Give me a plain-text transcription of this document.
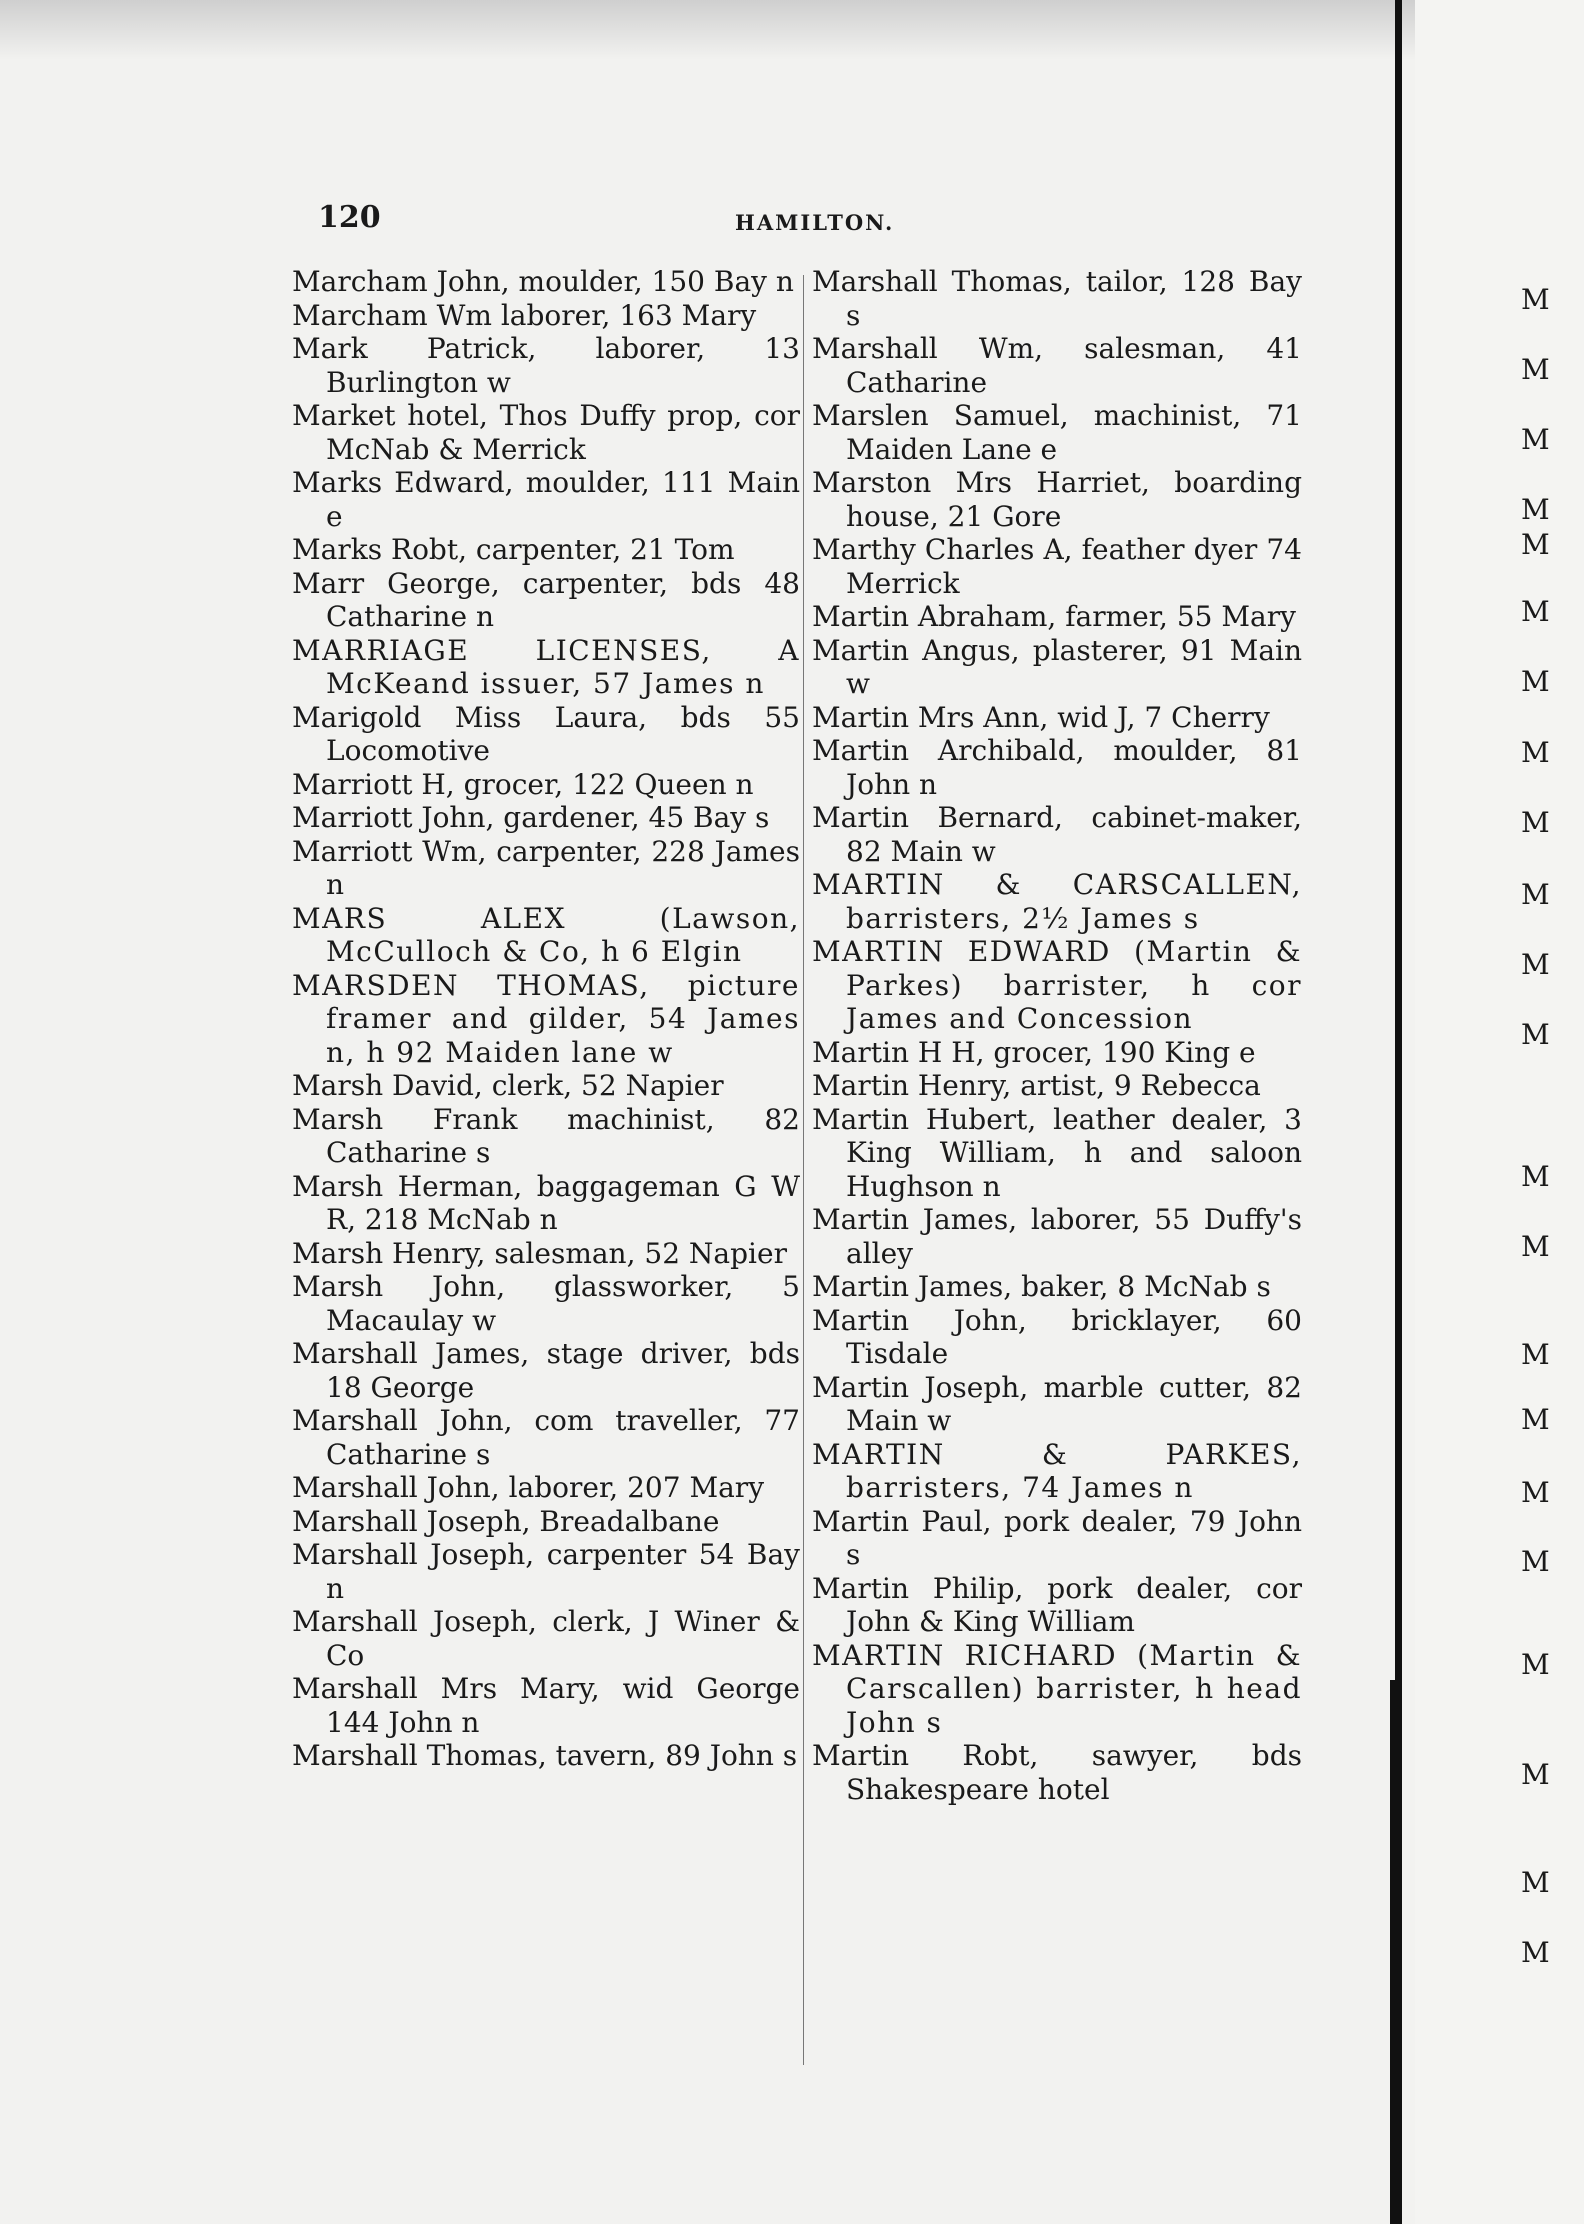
120	HAMILTON.
Marcham John, moulder, 150 Bay n
Marcham Wm laborer, 163 Mary
Mark Patrick, laborer, 13 Burlington w
Market hotel, Thos Duffy prop, cor McNab & Merrick
Marks Edward, moulder, 111 Main e
Marks Robt, carpenter, 21 Tom
Marr George, carpenter, bds 48 Catharine n
MARRIAGE LICENSES, A McKeand issuer, 57 James n
Marigold Miss Laura, bds 55 Locomotive
Marriott H, grocer, 122 Queen n
Marriott John, gardener, 45 Bay s
Marriott Wm, carpenter, 228 James n
MARS ALEX (Lawson, McCulloch & Co, h 6 Elgin
MARSDEN THOMAS, picture framer and gilder, 54 James n, h 92 Maiden lane w
Marsh David, clerk, 52 Napier
Marsh Frank machinist, 82 Catharine s
Marsh Herman, baggageman G W R, 218 McNab n
Marsh Henry, salesman, 52 Napier
Marsh John, glassworker, 5 Macaulay w
Marshall James, stage driver, bds 18 George
Marshall John, com traveller, 77 Catharine s
Marshall John, laborer, 207 Mary
Marshall Joseph, Breadalbane
Marshall Joseph, carpenter 54 Bay n
Marshall Joseph, clerk, J Winer & Co
Marshall Mrs Mary, wid George 144 John n
Marshall Thomas, tavern, 89 John s
Marshall Thomas, tailor, 128 Bay s
Marshall Wm, salesman, 41 Catharine
Marslen Samuel, machinist, 71 Maiden Lane e
Marston Mrs Harriet, boarding house, 21 Gore
Marthy Charles A, feather dyer 74 Merrick
Martin Abraham, farmer, 55 Mary
Martin Angus, plasterer, 91 Main w
Martin Mrs Ann, wid J, 7 Cherry
Martin Archibald, moulder, 81 John n
Martin Bernard, cabinet-maker, 82 Main w
MARTIN & CARSCALLEN, barristers, 2½ James s
MARTIN EDWARD (Martin & Parkes) barrister, h cor James and Concession
Martin H H, grocer, 190 King e
Martin Henry, artist, 9 Rebecca
Martin Hubert, leather dealer, 3 King William, h and saloon Hughson n
Martin James, laborer, 55 Duffy's alley
Martin James, baker, 8 McNab s
Martin John, bricklayer, 60 Tisdale
Martin Joseph, marble cutter, 82 Main w
MARTIN & PARKES, barristers, 74 James n
Martin Paul, pork dealer, 79 John s
Martin Philip, pork dealer, cor John & King William
MARTIN RICHARD (Martin & Carscallen) barrister, h head John s
Martin Robt, sawyer, bds Shakespeare hotel
M
M
M
M
M
M
M
M
M
M
M
M
M
M
M
M
M
M
M
M
M
M
